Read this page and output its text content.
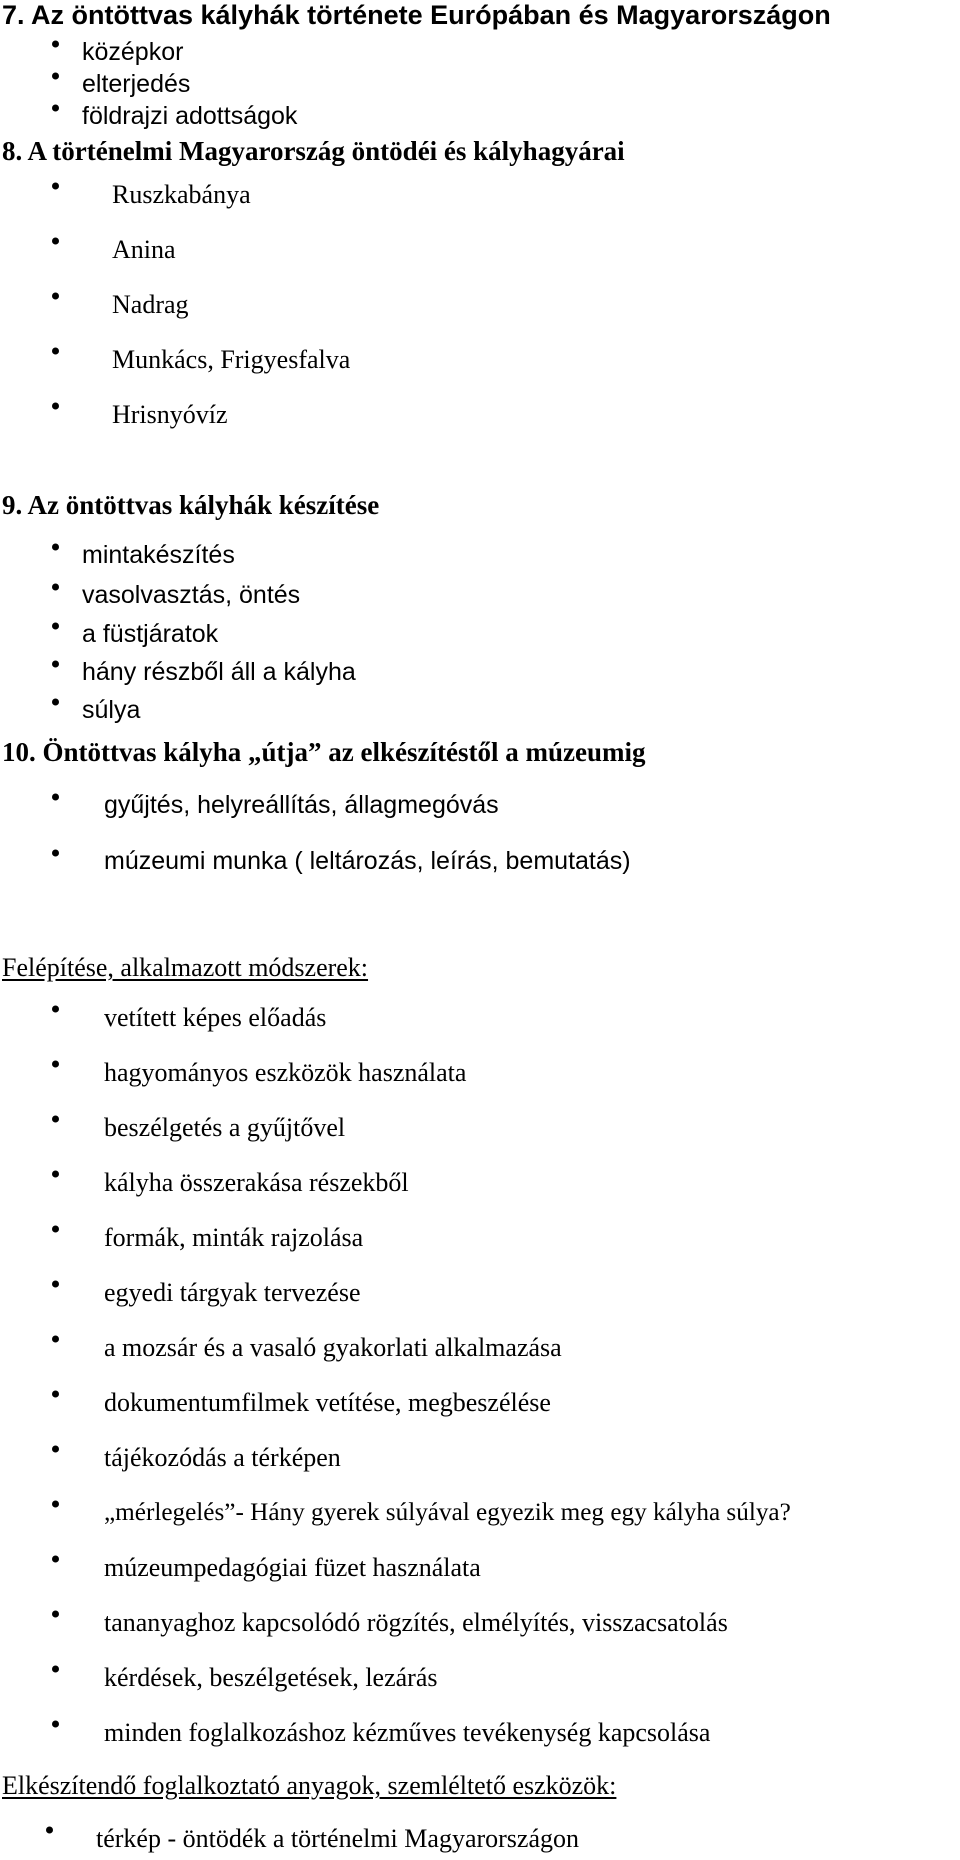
7. Az öntöttvas kályhák története Európában és Magyarországon
középkor
elterjedés
földrajzi adottságok
8. A történelmi Magyarország öntödéi és kályhagyárai
Ruszkabánya
Anina
Nadrag
Munkács, Frigyesfalva
Hrisnyóvíz
9. Az öntöttvas kályhák készítése
mintakészítés
vasolvasztás, öntés
a füstjáratok
hány részből áll a kályha
súlya
10. Öntöttvas kályha „útja” az elkészítéstől a múzeumig
gyűjtés, helyreállítás, állagmegóvás
múzeumi munka ( leltározás, leírás, bemutatás)
Felépítése, alkalmazott módszerek:
vetített képes előadás
hagyományos eszközök használata
beszélgetés a gyűjtővel
kályha összerakása részekből
formák, minták rajzolása
egyedi tárgyak tervezése
a mozsár és a vasaló gyakorlati alkalmazása
dokumentumfilmek vetítése, megbeszélése
tájékozódás a térképen
„mérlegelés”- Hány gyerek súlyával egyezik meg egy kályha súlya?
múzeumpedagógiai füzet használata
tananyaghoz kapcsolódó rögzítés, elmélyítés, visszacsatolás
kérdések, beszélgetések, lezárás
minden foglalkozáshoz kézműves tevékenység kapcsolása
Elkészítendő foglalkoztató anyagok, szemléltető eszközök:
térkép - öntödék a történelmi Magyarországon
